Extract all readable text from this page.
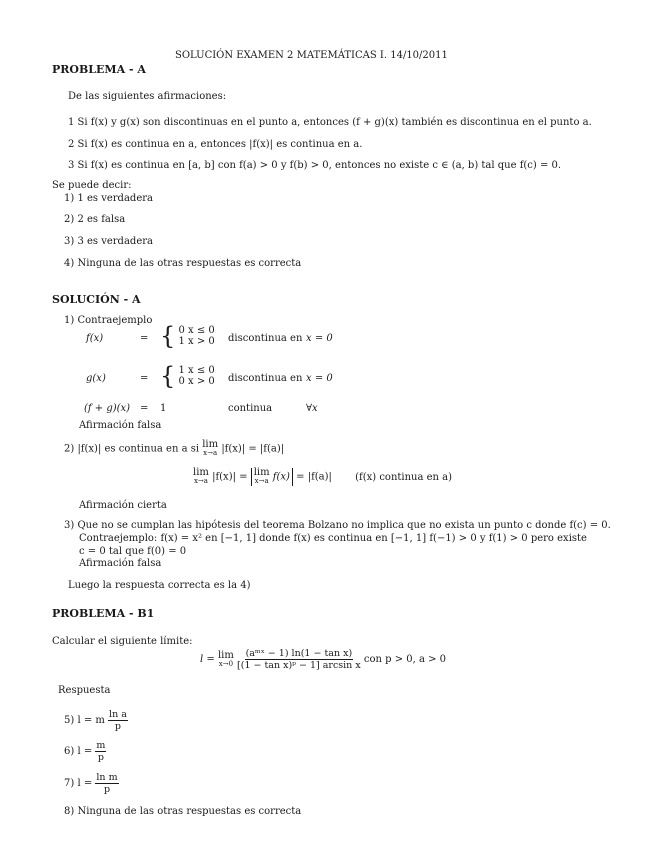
SOLUCIÓN EXAMEN 2 MATEMÁTICAS I. 14/10/2011
PROBLEMA - A
De las siguientes afirmaciones:
1 Si f(x) y g(x) son discontinuas en el punto a, entonces (f + g)(x) también es discontinua en el punto a.
2 Si f(x) es continua en a, entonces |f(x)| es continua en a.
3 Si f(x) es continua en [a, b] con f(a) > 0 y f(b) > 0, entonces no existe c ∈ (a, b) tal que f(c) = 0.
Se puede decir:
1) 1 es verdadera
2) 2 es falsa
3) 3 es verdadera
4) Ninguna de las otras respuestas es correcta
SOLUCIÓN - A
1) Contraejemplo
f(x)	= { 0 x ≤ 0
1 x > 0 discontinua en x = 0
g(x)	= { 1 x ≤ 0
0 x > 0 discontinua en x = 0
(f + g)(x) = 1	continua	∀x
Afirmación falsa
2) |f(x)| es continua en a si lim
x→a |f(x)| = |f(a)|
lim
x→a |f(x)| = lim
x→a f(x) = |f(a)| (f(x) continua en a)
Afirmación cierta
3) Que no se cumplan las hipótesis del teorema Bolzano no implica que no exista un punto c donde f(c) = 0.
Contraejemplo: f(x) = x² en [−1, 1] donde f(x) es continua en [−1, 1] f(−1) > 0 y f(1) > 0 pero existe
c = 0 tal que f(0) = 0
Afirmación falsa
Luego la respuesta correcta es la 4)
PROBLEMA - B1
Calcular el siguiente límite:
l = lim
x→0
$\frac{\text{(aᵐˣ − 1) ln(1 − tan x)}}{\text{[(1 − tan x)ᵖ − 1] arcsin x}}$ con p > 0, a > 0
Respuesta
5) l = m $\frac{\text{ln a}}{p}$
6) $l = \frac{m}{p}$
7) $l = \frac{\text{ln m}}{p}$
8) Ninguna de las otras respuestas es correcta
